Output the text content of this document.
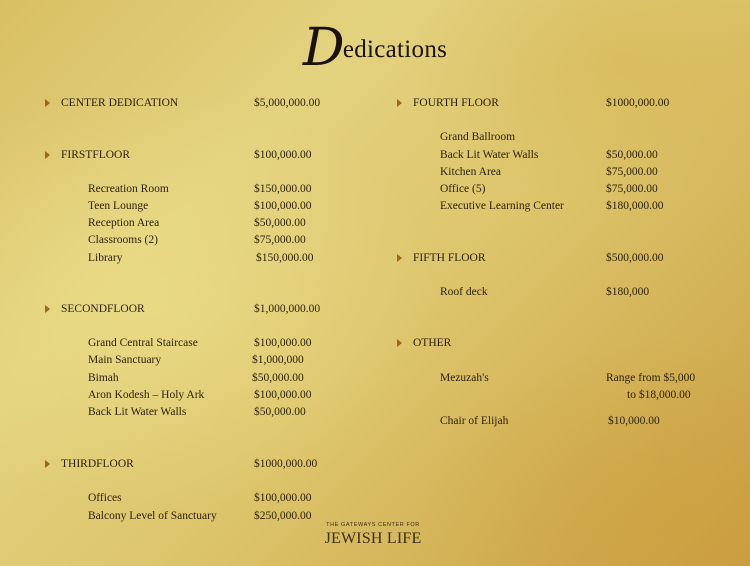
Dedications
CENTER DEDICATION	$5,000,000.00
FIRSTFLOOR	$100,000.00
Recreation Room	$150,000.00
Teen Lounge	$100,000.00
Reception Area	$50,000.00
Classrooms (2)	$75,000.00
Library	$150,000.00
SECONDFLOOR	$1,000,000.00
Grand Central Staircase	$100,000.00
Main Sanctuary	$1,000,000
Bimah	$50,000.00
Aron Kodesh – Holy Ark	$100,000.00
Back Lit Water Walls	$50,000.00
THIRDFLOOR	$1000,000.00
Offices	$100,000.00
Balcony Level of Sanctuary	$250,000.00
FOURTH FLOOR	$1000,000.00
Grand Ballroom
Back Lit Water Walls	$50,000.00
Kitchen Area	$75,000.00
Office (5)	$75,000.00
Executive Learning Center	$180,000.00
FIFTH FLOOR	$500,000.00
Roof deck	$180,000
OTHER
Mezuzah's	Range from $5,000
to $18,000.00
Chair of Elijah	$10,000.00
THE GATEWAYS CENTER FOR
JEWISH LIFE
